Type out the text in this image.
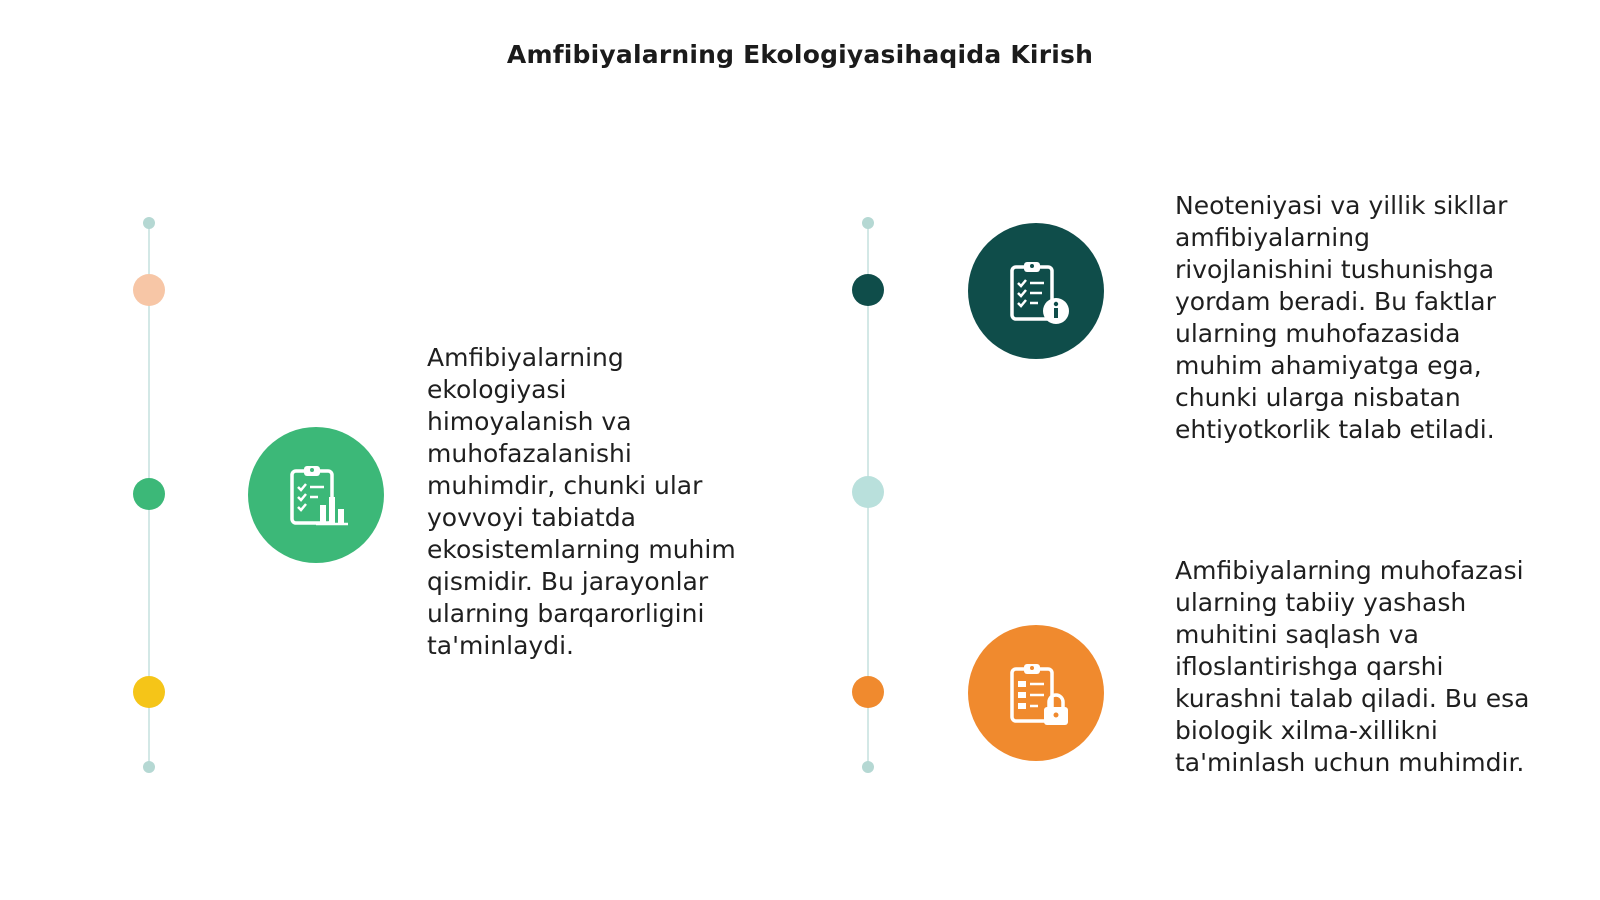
Amfibiyalarning Ekologiyasihaqida Kirish
Amfibiyalarning ekologiyasi himoyalanish va muhofazalanishi muhimdir, chunki ular yovvoyi tabiatda ekosistemlarning muhim qismidir. Bu jarayonlar ularning barqarorligini ta'minlaydi.
Neoteniyasi va yillik sikllar amfibiyalarning rivojlanishini tushunishga yordam beradi. Bu faktlar ularning muhofazasida muhim ahamiyatga ega, chunki ularga nisbatan ehtiyotkorlik talab etiladi.
Amfibiyalarning muhofazasi ularning tabiiy yashash muhitini saqlash va ifloslantirishga qarshi kurashni talab qiladi. Bu esa biologik xilma-xillikni ta'minlash uchun muhimdir.
